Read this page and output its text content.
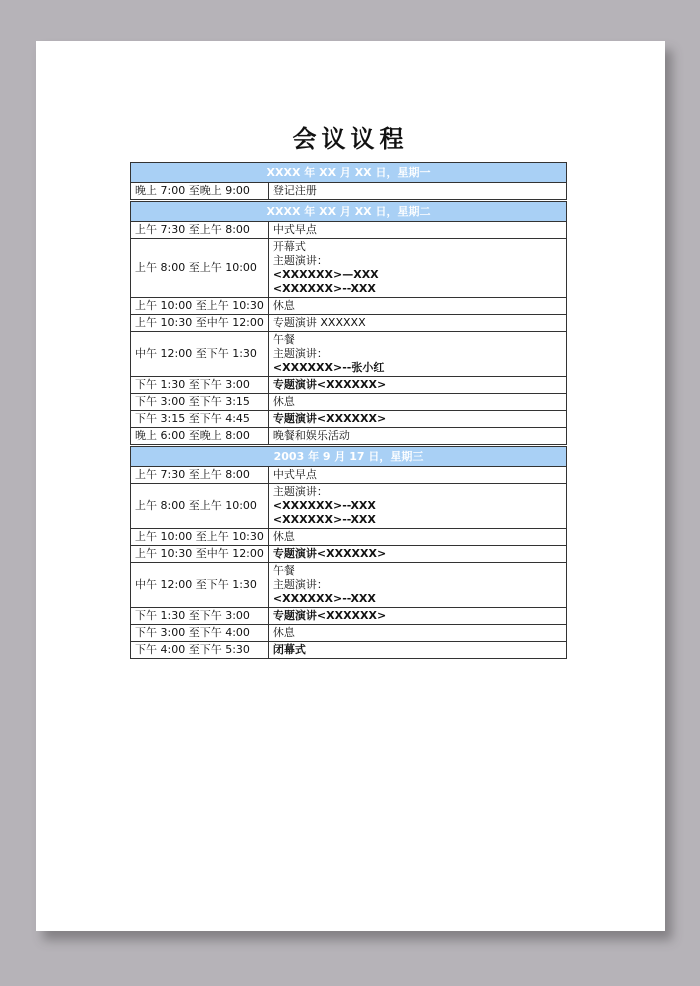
会议议程
XXXX 年 XX 月 XX 日，星期一	
晚上 7:00 至晚上 9:00	登记注册

XXXX 年 XX 月 XX 日，星期二	
上午 7:30 至上午 8:00	中式早点

上午 8:00 至上午 10:00	开幕式
主题演讲：
<XXXXXX>—XXX
<XXXXXX>--XXX

上午 10:00 至上午 10:30	休息

上午 10:30 至中午 12:00	专题演讲 XXXXXX

中午 12:00 至下午 1:30	午餐
主题演讲：
<XXXXXX>--张小红

下午 1:30 至下午 3:00	专题演讲<XXXXXX>

下午 3:00 至下午 3:15	休息

下午 3:15 至下午 4:45	专题演讲<XXXXXX>

晚上 6:00 至晚上 8:00	晚餐和娱乐活动

2003 年 9 月 17 日，星期三	
上午 7:30 至上午 8:00	中式早点

上午 8:00 至上午 10:00	主题演讲：
<XXXXXX>--XXX
<XXXXXX>--XXX

上午 10:00 至上午 10:30	休息

上午 10:30 至中午 12:00	专题演讲<XXXXXX>

中午 12:00 至下午 1:30	午餐
主题演讲：
<XXXXXX>--XXX

下午 1:30 至下午 3:00	专题演讲<XXXXXX>

下午 3:00 至下午 4:00	休息

下午 4:00 至下午 5:30	闭幕式
